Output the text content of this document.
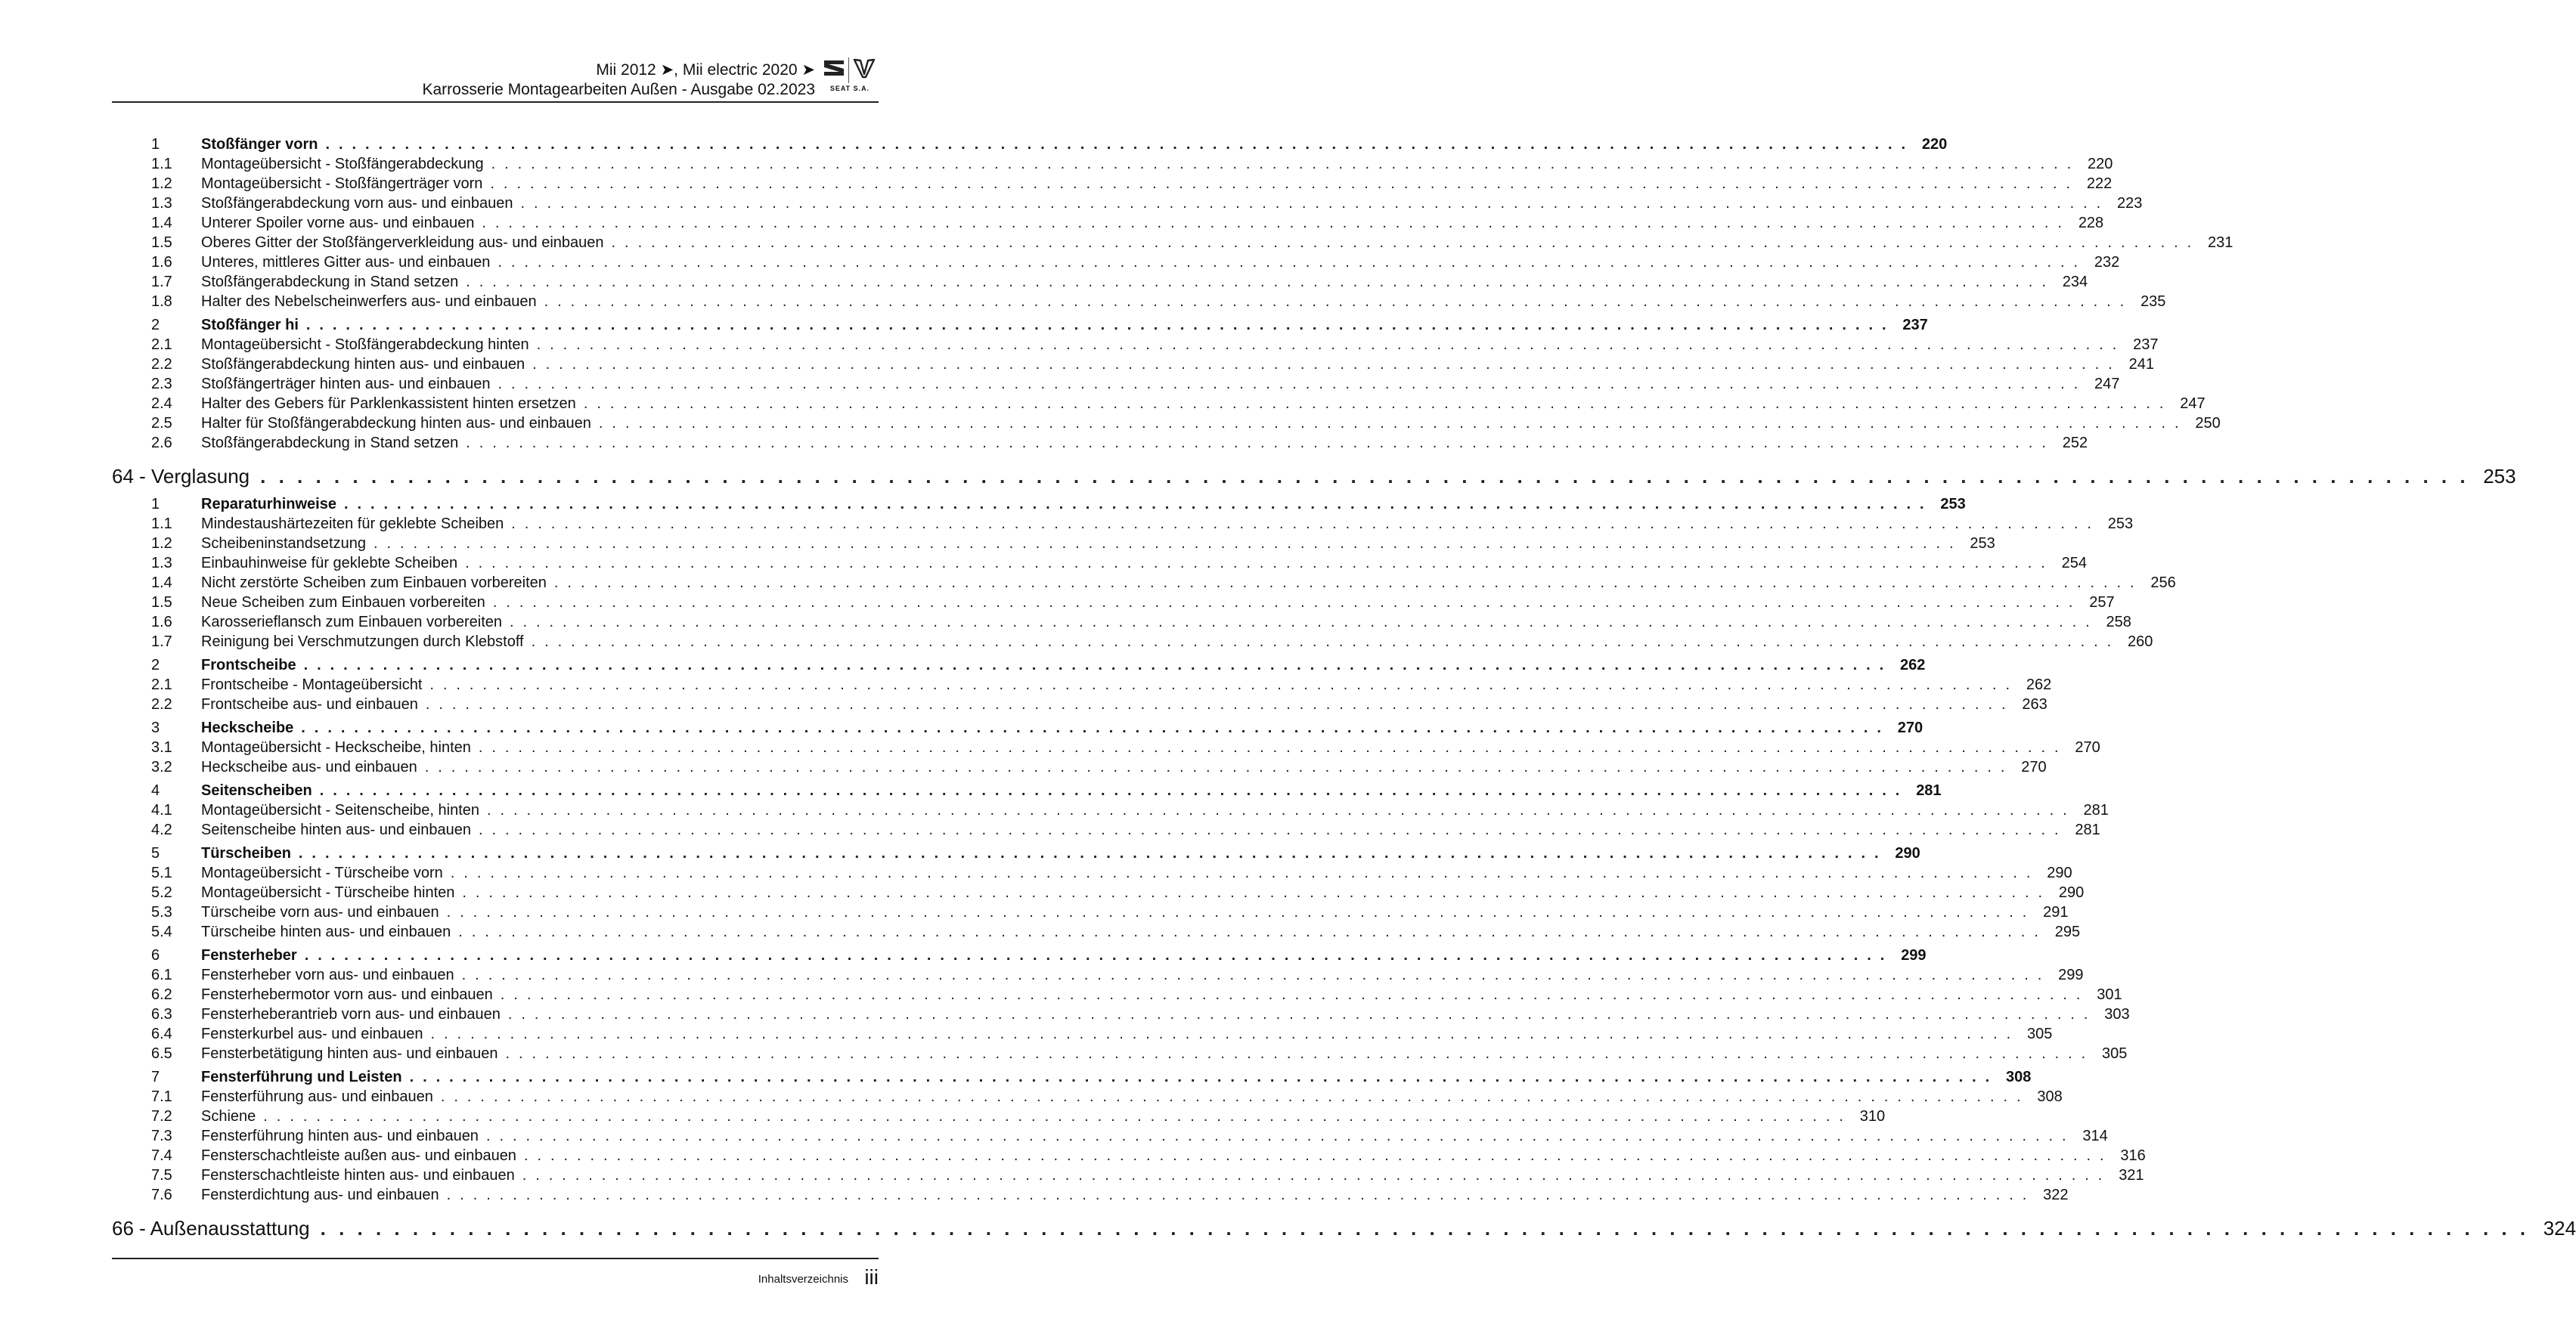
Mii 2012 ➤, Mii electric 2020 ➤
Karrosserie Montagearbeiten Außen - Ausgabe 02.2023	SEAT S.A.
1	Stoßfänger vorn . . . . . . . . . . . . . . . . . . . . . . . . . . . . . . . . . . . . . . . . . . . . . . . . . . . . . . . . . . . . . . . . . . . . . . . . . . . . . . . . . . . . . . . . . . . . . . . . . . . . . . . . . . . . . . . . . . . . . . . . 220
1.1	Montageübersicht - Stoßfängerabdeckung . . . . . . . . . . . . . . . . . . . . . . . . . . . . . . . . . . . . . . . . . . . . . . . . . . . . . . . . . . . . . . . . . . . . . . . . . . . . . . . . . . . . . . . . . . . . . . . . . . . . . . . . . . . . . . . . . . . . . . . . 220
1.2	Montageübersicht - Stoßfängerträger vorn . . . . . . . . . . . . . . . . . . . . . . . . . . . . . . . . . . . . . . . . . . . . . . . . . . . . . . . . . . . . . . . . . . . . . . . . . . . . . . . . . . . . . . . . . . . . . . . . . . . . . . . . . . . . . . . . . . . . . . . . 222
1.3	Stoßfängerabdeckung vorn aus- und einbauen . . . . . . . . . . . . . . . . . . . . . . . . . . . . . . . . . . . . . . . . . . . . . . . . . . . . . . . . . . . . . . . . . . . . . . . . . . . . . . . . . . . . . . . . . . . . . . . . . . . . . . . . . . . . . . . . . . . . . . . . 223
1.4	Unterer Spoiler vorne aus- und einbauen . . . . . . . . . . . . . . . . . . . . . . . . . . . . . . . . . . . . . . . . . . . . . . . . . . . . . . . . . . . . . . . . . . . . . . . . . . . . . . . . . . . . . . . . . . . . . . . . . . . . . . . . . . . . . . . . . . . . . . . . 228
1.5	Oberes Gitter der Stoßfängerverkleidung aus- und einbauen . . . . . . . . . . . . . . . . . . . . . . . . . . . . . . . . . . . . . . . . . . . . . . . . . . . . . . . . . . . . . . . . . . . . . . . . . . . . . . . . . . . . . . . . . . . . . . . . . . . . . . . . . . . . . . . . . . . . . . . . 231
1.6	Unteres, mittleres Gitter aus- und einbauen . . . . . . . . . . . . . . . . . . . . . . . . . . . . . . . . . . . . . . . . . . . . . . . . . . . . . . . . . . . . . . . . . . . . . . . . . . . . . . . . . . . . . . . . . . . . . . . . . . . . . . . . . . . . . . . . . . . . . . . . 232
1.7	Stoßfängerabdeckung in Stand setzen . . . . . . . . . . . . . . . . . . . . . . . . . . . . . . . . . . . . . . . . . . . . . . . . . . . . . . . . . . . . . . . . . . . . . . . . . . . . . . . . . . . . . . . . . . . . . . . . . . . . . . . . . . . . . . . . . . . . . . . . 234
1.8	Halter des Nebelscheinwerfers aus- und einbauen . . . . . . . . . . . . . . . . . . . . . . . . . . . . . . . . . . . . . . . . . . . . . . . . . . . . . . . . . . . . . . . . . . . . . . . . . . . . . . . . . . . . . . . . . . . . . . . . . . . . . . . . . . . . . . . . . . . . . . . . 235
2	Stoßfänger hi . . . . . . . . . . . . . . . . . . . . . . . . . . . . . . . . . . . . . . . . . . . . . . . . . . . . . . . . . . . . . . . . . . . . . . . . . . . . . . . . . . . . . . . . . . . . . . . . . . . . . . . . . . . . . . . . . . . . . . . . 237
2.1	Montageübersicht - Stoßfängerabdeckung hinten . . . . . . . . . . . . . . . . . . . . . . . . . . . . . . . . . . . . . . . . . . . . . . . . . . . . . . . . . . . . . . . . . . . . . . . . . . . . . . . . . . . . . . . . . . . . . . . . . . . . . . . . . . . . . . . . . . . . . . . . 237
2.2	Stoßfängerabdeckung hinten aus- und einbauen . . . . . . . . . . . . . . . . . . . . . . . . . . . . . . . . . . . . . . . . . . . . . . . . . . . . . . . . . . . . . . . . . . . . . . . . . . . . . . . . . . . . . . . . . . . . . . . . . . . . . . . . . . . . . . . . . . . . . . . . 241
2.3	Stoßfängerträger hinten aus- und einbauen . . . . . . . . . . . . . . . . . . . . . . . . . . . . . . . . . . . . . . . . . . . . . . . . . . . . . . . . . . . . . . . . . . . . . . . . . . . . . . . . . . . . . . . . . . . . . . . . . . . . . . . . . . . . . . . . . . . . . . . . 247
2.4	Halter des Gebers für Parklenkassistent hinten ersetzen . . . . . . . . . . . . . . . . . . . . . . . . . . . . . . . . . . . . . . . . . . . . . . . . . . . . . . . . . . . . . . . . . . . . . . . . . . . . . . . . . . . . . . . . . . . . . . . . . . . . . . . . . . . . . . . . . . . . . . . . 247
2.5	Halter für Stoßfängerabdeckung hinten aus- und einbauen . . . . . . . . . . . . . . . . . . . . . . . . . . . . . . . . . . . . . . . . . . . . . . . . . . . . . . . . . . . . . . . . . . . . . . . . . . . . . . . . . . . . . . . . . . . . . . . . . . . . . . . . . . . . . . . . . . . . . . . . 250
2.6	Stoßfängerabdeckung in Stand setzen . . . . . . . . . . . . . . . . . . . . . . . . . . . . . . . . . . . . . . . . . . . . . . . . . . . . . . . . . . . . . . . . . . . . . . . . . . . . . . . . . . . . . . . . . . . . . . . . . . . . . . . . . . . . . . . . . . . . . . . . 252
64 - Verglasung . . . . . . . . . . . . . . . . . . . . . . . . . . . . . . . . . . . . . . . . . . . . . . . . . . . . . . . . . . . . . . . . . . . . . . . . . . . . . . . . . . . . . . . . . . . . . . . . . . . . . . . . . . . . . . . . . . . . . . . . 253
1	Reparaturhinweise . . . . . . . . . . . . . . . . . . . . . . . . . . . . . . . . . . . . . . . . . . . . . . . . . . . . . . . . . . . . . . . . . . . . . . . . . . . . . . . . . . . . . . . . . . . . . . . . . . . . . . . . . . . . . . . . . . . . . . . . 253
1.1	Mindestaushärtezeiten für geklebte Scheiben . . . . . . . . . . . . . . . . . . . . . . . . . . . . . . . . . . . . . . . . . . . . . . . . . . . . . . . . . . . . . . . . . . . . . . . . . . . . . . . . . . . . . . . . . . . . . . . . . . . . . . . . . . . . . . . . . . . . . . . . 253
1.2	Scheibeninstandsetzung . . . . . . . . . . . . . . . . . . . . . . . . . . . . . . . . . . . . . . . . . . . . . . . . . . . . . . . . . . . . . . . . . . . . . . . . . . . . . . . . . . . . . . . . . . . . . . . . . . . . . . . . . . . . . . . . . . . . . . . . 253
1.3	Einbauhinweise für geklebte Scheiben . . . . . . . . . . . . . . . . . . . . . . . . . . . . . . . . . . . . . . . . . . . . . . . . . . . . . . . . . . . . . . . . . . . . . . . . . . . . . . . . . . . . . . . . . . . . . . . . . . . . . . . . . . . . . . . . . . . . . . . . 254
1.4	Nicht zerstörte Scheiben zum Einbauen vorbereiten . . . . . . . . . . . . . . . . . . . . . . . . . . . . . . . . . . . . . . . . . . . . . . . . . . . . . . . . . . . . . . . . . . . . . . . . . . . . . . . . . . . . . . . . . . . . . . . . . . . . . . . . . . . . . . . . . . . . . . . . 256
1.5	Neue Scheiben zum Einbauen vorbereiten . . . . . . . . . . . . . . . . . . . . . . . . . . . . . . . . . . . . . . . . . . . . . . . . . . . . . . . . . . . . . . . . . . . . . . . . . . . . . . . . . . . . . . . . . . . . . . . . . . . . . . . . . . . . . . . . . . . . . . . . 257
1.6	Karosserieflansch zum Einbauen vorbereiten . . . . . . . . . . . . . . . . . . . . . . . . . . . . . . . . . . . . . . . . . . . . . . . . . . . . . . . . . . . . . . . . . . . . . . . . . . . . . . . . . . . . . . . . . . . . . . . . . . . . . . . . . . . . . . . . . . . . . . . . 258
1.7	Reinigung bei Verschmutzungen durch Klebstoff . . . . . . . . . . . . . . . . . . . . . . . . . . . . . . . . . . . . . . . . . . . . . . . . . . . . . . . . . . . . . . . . . . . . . . . . . . . . . . . . . . . . . . . . . . . . . . . . . . . . . . . . . . . . . . . . . . . . . . . . 260
2	Frontscheibe . . . . . . . . . . . . . . . . . . . . . . . . . . . . . . . . . . . . . . . . . . . . . . . . . . . . . . . . . . . . . . . . . . . . . . . . . . . . . . . . . . . . . . . . . . . . . . . . . . . . . . . . . . . . . . . . . . . . . . . . 262
2.1	Frontscheibe - Montageübersicht . . . . . . . . . . . . . . . . . . . . . . . . . . . . . . . . . . . . . . . . . . . . . . . . . . . . . . . . . . . . . . . . . . . . . . . . . . . . . . . . . . . . . . . . . . . . . . . . . . . . . . . . . . . . . . . . . . . . . . . . 262
2.2	Frontscheibe aus- und einbauen . . . . . . . . . . . . . . . . . . . . . . . . . . . . . . . . . . . . . . . . . . . . . . . . . . . . . . . . . . . . . . . . . . . . . . . . . . . . . . . . . . . . . . . . . . . . . . . . . . . . . . . . . . . . . . . . . . . . . . . . 263
3	Heckscheibe . . . . . . . . . . . . . . . . . . . . . . . . . . . . . . . . . . . . . . . . . . . . . . . . . . . . . . . . . . . . . . . . . . . . . . . . . . . . . . . . . . . . . . . . . . . . . . . . . . . . . . . . . . . . . . . . . . . . . . . . 270
3.1	Montageübersicht - Heckscheibe, hinten . . . . . . . . . . . . . . . . . . . . . . . . . . . . . . . . . . . . . . . . . . . . . . . . . . . . . . . . . . . . . . . . . . . . . . . . . . . . . . . . . . . . . . . . . . . . . . . . . . . . . . . . . . . . . . . . . . . . . . . . 270
3.2	Heckscheibe aus- und einbauen . . . . . . . . . . . . . . . . . . . . . . . . . . . . . . . . . . . . . . . . . . . . . . . . . . . . . . . . . . . . . . . . . . . . . . . . . . . . . . . . . . . . . . . . . . . . . . . . . . . . . . . . . . . . . . . . . . . . . . . . 270
4	Seitenscheiben . . . . . . . . . . . . . . . . . . . . . . . . . . . . . . . . . . . . . . . . . . . . . . . . . . . . . . . . . . . . . . . . . . . . . . . . . . . . . . . . . . . . . . . . . . . . . . . . . . . . . . . . . . . . . . . . . . . . . . . . 281
4.1	Montageübersicht - Seitenscheibe, hinten . . . . . . . . . . . . . . . . . . . . . . . . . . . . . . . . . . . . . . . . . . . . . . . . . . . . . . . . . . . . . . . . . . . . . . . . . . . . . . . . . . . . . . . . . . . . . . . . . . . . . . . . . . . . . . . . . . . . . . . . 281
4.2	Seitenscheibe hinten aus- und einbauen . . . . . . . . . . . . . . . . . . . . . . . . . . . . . . . . . . . . . . . . . . . . . . . . . . . . . . . . . . . . . . . . . . . . . . . . . . . . . . . . . . . . . . . . . . . . . . . . . . . . . . . . . . . . . . . . . . . . . . . . 281
5	Türscheiben . . . . . . . . . . . . . . . . . . . . . . . . . . . . . . . . . . . . . . . . . . . . . . . . . . . . . . . . . . . . . . . . . . . . . . . . . . . . . . . . . . . . . . . . . . . . . . . . . . . . . . . . . . . . . . . . . . . . . . . . 290
5.1	Montageübersicht - Türscheibe vorn . . . . . . . . . . . . . . . . . . . . . . . . . . . . . . . . . . . . . . . . . . . . . . . . . . . . . . . . . . . . . . . . . . . . . . . . . . . . . . . . . . . . . . . . . . . . . . . . . . . . . . . . . . . . . . . . . . . . . . . . 290
5.2	Montageübersicht - Türscheibe hinten . . . . . . . . . . . . . . . . . . . . . . . . . . . . . . . . . . . . . . . . . . . . . . . . . . . . . . . . . . . . . . . . . . . . . . . . . . . . . . . . . . . . . . . . . . . . . . . . . . . . . . . . . . . . . . . . . . . . . . . . 290
5.3	Türscheibe vorn aus- und einbauen . . . . . . . . . . . . . . . . . . . . . . . . . . . . . . . . . . . . . . . . . . . . . . . . . . . . . . . . . . . . . . . . . . . . . . . . . . . . . . . . . . . . . . . . . . . . . . . . . . . . . . . . . . . . . . . . . . . . . . . . 291
5.4	Türscheibe hinten aus- und einbauen . . . . . . . . . . . . . . . . . . . . . . . . . . . . . . . . . . . . . . . . . . . . . . . . . . . . . . . . . . . . . . . . . . . . . . . . . . . . . . . . . . . . . . . . . . . . . . . . . . . . . . . . . . . . . . . . . . . . . . . . 295
6	Fensterheber . . . . . . . . . . . . . . . . . . . . . . . . . . . . . . . . . . . . . . . . . . . . . . . . . . . . . . . . . . . . . . . . . . . . . . . . . . . . . . . . . . . . . . . . . . . . . . . . . . . . . . . . . . . . . . . . . . . . . . . . 299
6.1	Fensterheber vorn aus- und einbauen . . . . . . . . . . . . . . . . . . . . . . . . . . . . . . . . . . . . . . . . . . . . . . . . . . . . . . . . . . . . . . . . . . . . . . . . . . . . . . . . . . . . . . . . . . . . . . . . . . . . . . . . . . . . . . . . . . . . . . . . 299
6.2	Fensterhebermotor vorn aus- und einbauen . . . . . . . . . . . . . . . . . . . . . . . . . . . . . . . . . . . . . . . . . . . . . . . . . . . . . . . . . . . . . . . . . . . . . . . . . . . . . . . . . . . . . . . . . . . . . . . . . . . . . . . . . . . . . . . . . . . . . . . . 301
6.3	Fensterheberantrieb vorn aus- und einbauen . . . . . . . . . . . . . . . . . . . . . . . . . . . . . . . . . . . . . . . . . . . . . . . . . . . . . . . . . . . . . . . . . . . . . . . . . . . . . . . . . . . . . . . . . . . . . . . . . . . . . . . . . . . . . . . . . . . . . . . . 303
6.4	Fensterkurbel aus- und einbauen . . . . . . . . . . . . . . . . . . . . . . . . . . . . . . . . . . . . . . . . . . . . . . . . . . . . . . . . . . . . . . . . . . . . . . . . . . . . . . . . . . . . . . . . . . . . . . . . . . . . . . . . . . . . . . . . . . . . . . . . 305
6.5	Fensterbetätigung hinten aus- und einbauen . . . . . . . . . . . . . . . . . . . . . . . . . . . . . . . . . . . . . . . . . . . . . . . . . . . . . . . . . . . . . . . . . . . . . . . . . . . . . . . . . . . . . . . . . . . . . . . . . . . . . . . . . . . . . . . . . . . . . . . . 305
7	Fensterführung und Leisten . . . . . . . . . . . . . . . . . . . . . . . . . . . . . . . . . . . . . . . . . . . . . . . . . . . . . . . . . . . . . . . . . . . . . . . . . . . . . . . . . . . . . . . . . . . . . . . . . . . . . . . . . . . . . . . . . . . . . . . . 308
7.1	Fensterführung aus- und einbauen . . . . . . . . . . . . . . . . . . . . . . . . . . . . . . . . . . . . . . . . . . . . . . . . . . . . . . . . . . . . . . . . . . . . . . . . . . . . . . . . . . . . . . . . . . . . . . . . . . . . . . . . . . . . . . . . . . . . . . . . 308
7.2	Schiene . . . . . . . . . . . . . . . . . . . . . . . . . . . . . . . . . . . . . . . . . . . . . . . . . . . . . . . . . . . . . . . . . . . . . . . . . . . . . . . . . . . . . . . . . . . . . . . . . . . . . . . . . . . . . . . . . . . . . . . . 310
7.3	Fensterführung hinten aus- und einbauen . . . . . . . . . . . . . . . . . . . . . . . . . . . . . . . . . . . . . . . . . . . . . . . . . . . . . . . . . . . . . . . . . . . . . . . . . . . . . . . . . . . . . . . . . . . . . . . . . . . . . . . . . . . . . . . . . . . . . . . . 314
7.4	Fensterschachtleiste außen aus- und einbauen . . . . . . . . . . . . . . . . . . . . . . . . . . . . . . . . . . . . . . . . . . . . . . . . . . . . . . . . . . . . . . . . . . . . . . . . . . . . . . . . . . . . . . . . . . . . . . . . . . . . . . . . . . . . . . . . . . . . . . . . 316
7.5	Fensterschachtleiste hinten aus- und einbauen . . . . . . . . . . . . . . . . . . . . . . . . . . . . . . . . . . . . . . . . . . . . . . . . . . . . . . . . . . . . . . . . . . . . . . . . . . . . . . . . . . . . . . . . . . . . . . . . . . . . . . . . . . . . . . . . . . . . . . . . 321
7.6	Fensterdichtung aus- und einbauen . . . . . . . . . . . . . . . . . . . . . . . . . . . . . . . . . . . . . . . . . . . . . . . . . . . . . . . . . . . . . . . . . . . . . . . . . . . . . . . . . . . . . . . . . . . . . . . . . . . . . . . . . . . . . . . . . . . . . . . . 322
66 - Außenausstattung . . . . . . . . . . . . . . . . . . . . . . . . . . . . . . . . . . . . . . . . . . . . . . . . . . . . . . . . . . . . . . . . . . . . . . . . . . . . . . . . . . . . . . . . . . . . . . . . . . . . . . . . . . . . . . . . . . . . . . . . 324
Inhaltsverzeichnis iii
